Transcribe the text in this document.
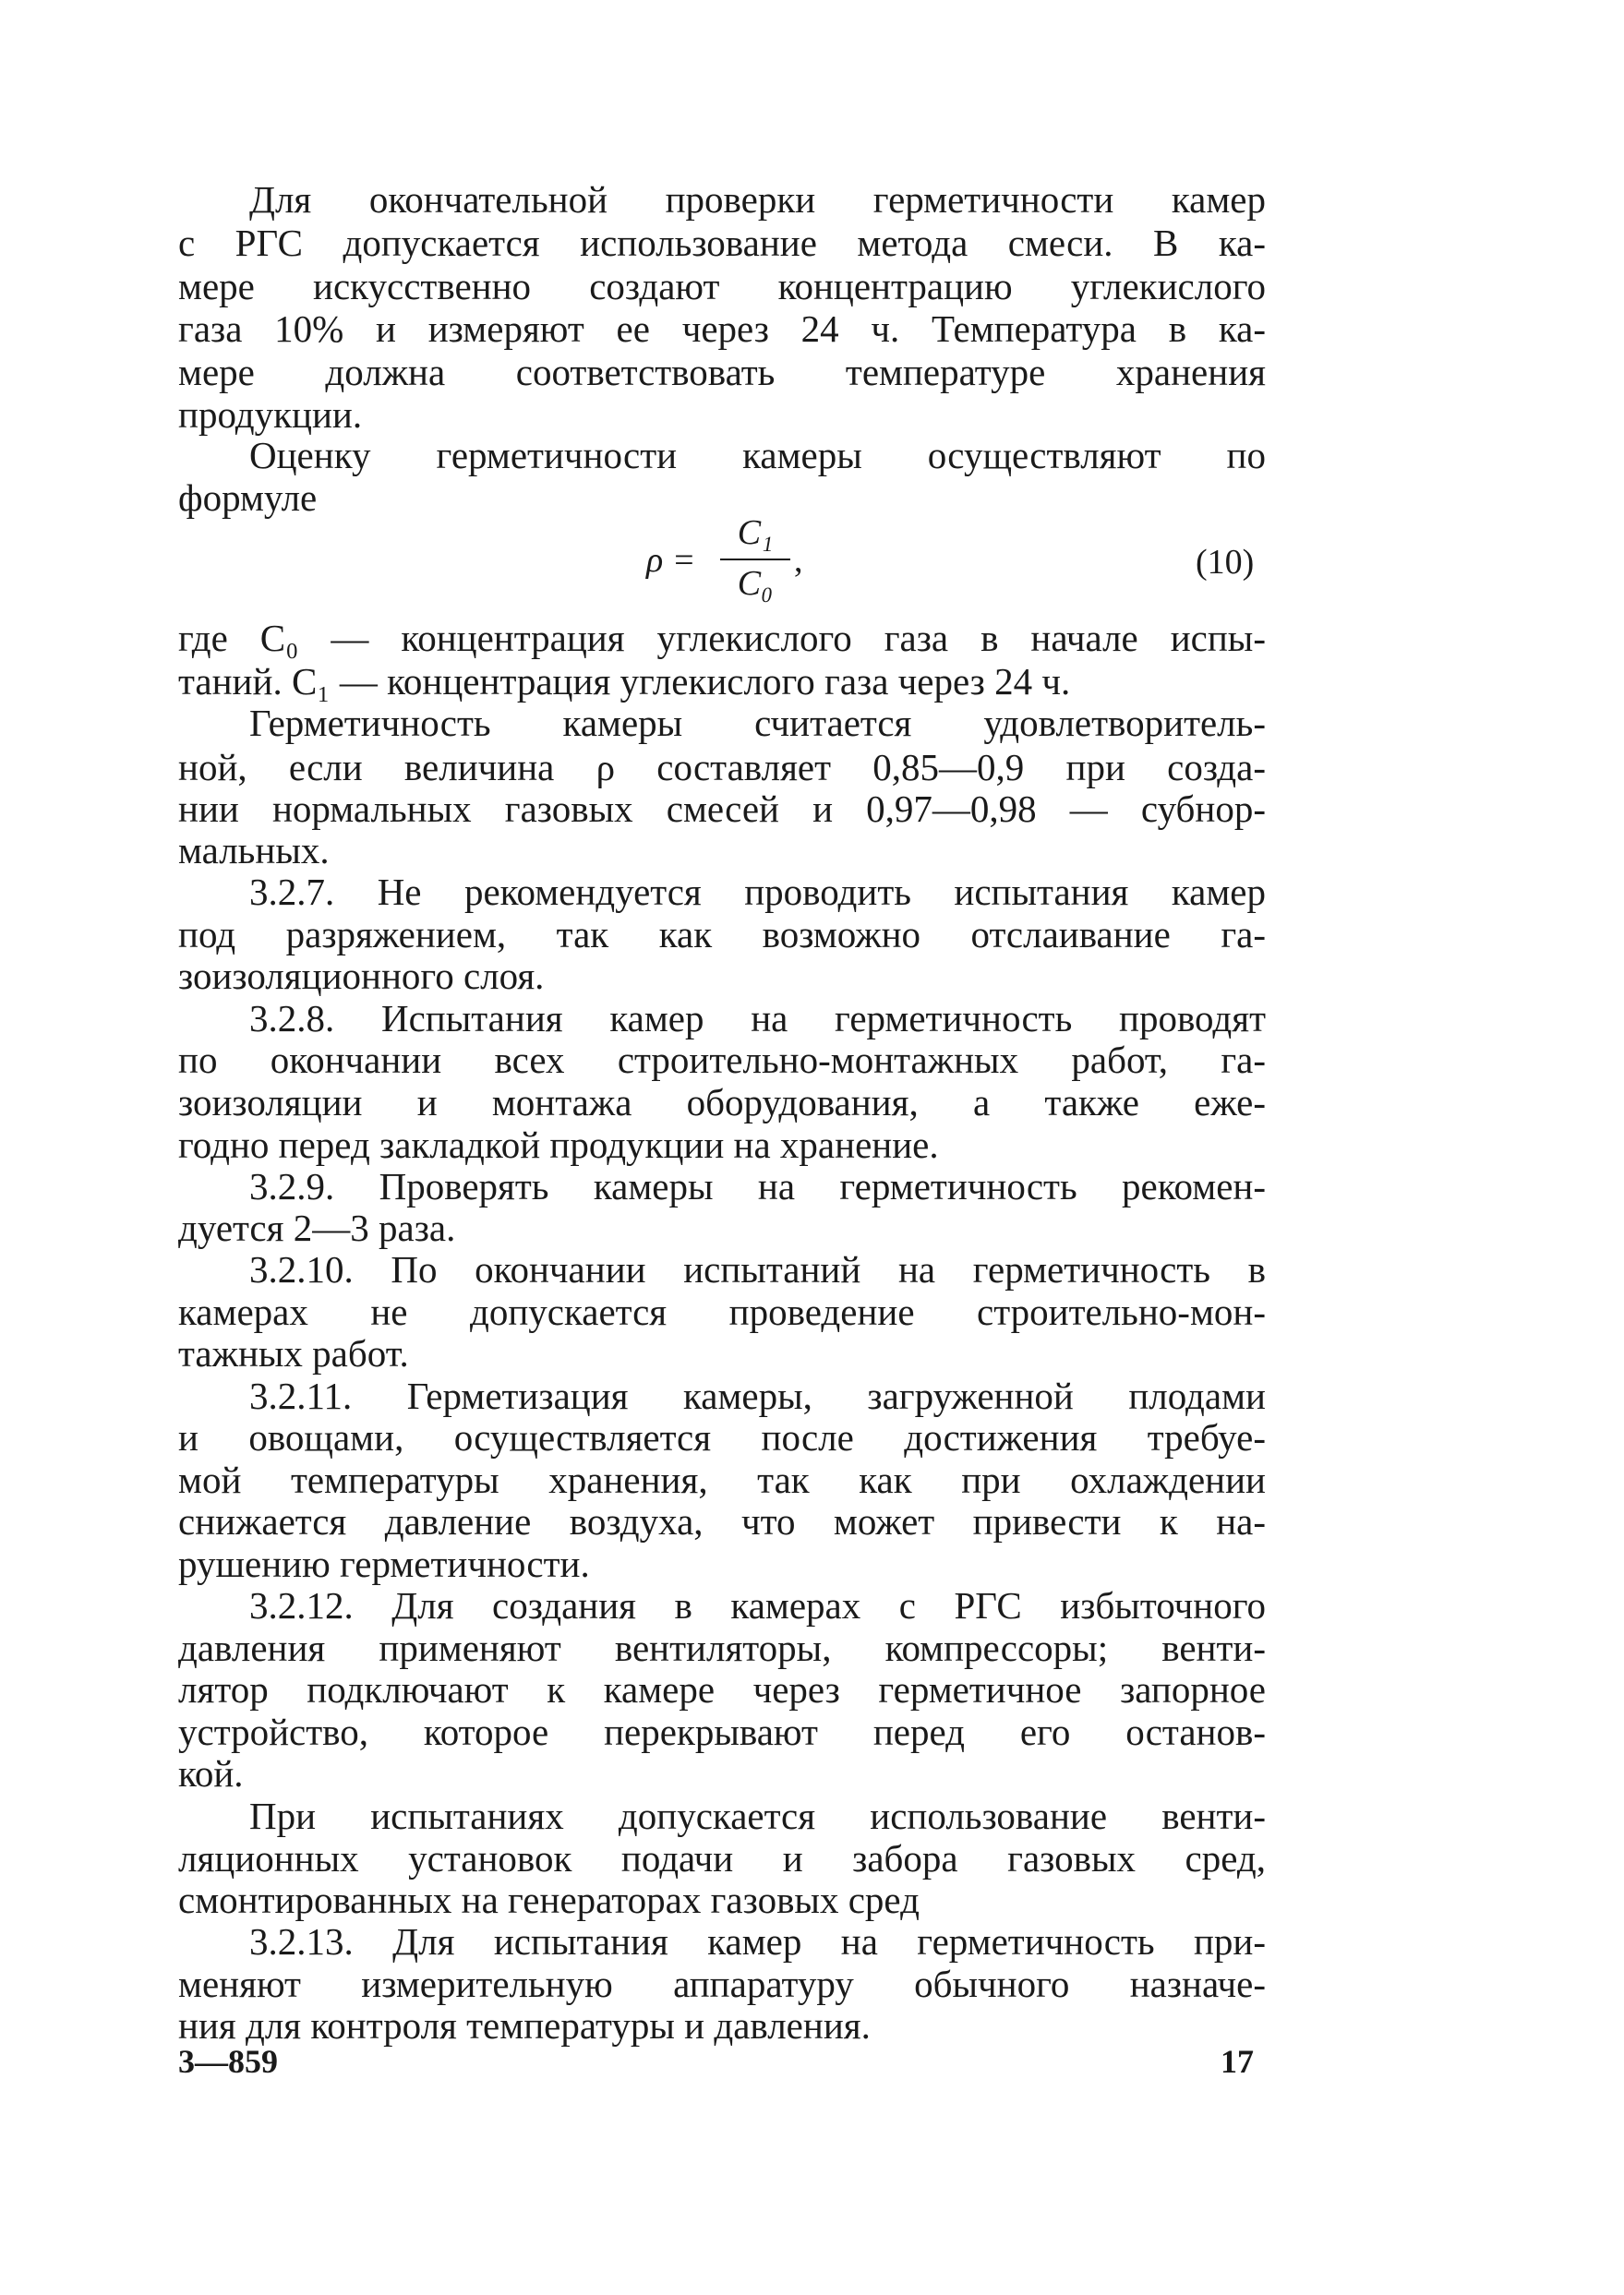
Для окончательной проверки герметичности камер
с РГС допускается использование метода смеси. В ка-
мере искусственно создают концентрацию углекислого
газа 10% и измеряют ее через 24 ч. Температура в ка-
мере должна соответствовать температуре хранения
продукции.
Оценку герметичности камеры осуществляют по
формуле
ρ =
C₁
C₀
,	(10)
где C₀ — концентрация углекислого газа в начале испы-
таний. C₁ — концентрация углекислого газа через 24 ч.
Герметичность камеры считается удовлетворитель-
ной, если величина ρ составляет 0,85—0,9 при созда-
нии нормальных газовых смесей и 0,97—0,98 — субнор-
мальных.
3.2.7. Не рекомендуется проводить испытания камер
под разряжением, так как возможно отслаивание га-
зоизоляционного слоя.
3.2.8. Испытания камер на герметичность проводят
по окончании всех строительно-монтажных работ, га-
зоизоляции и монтажа оборудования, а также еже-
годно перед закладкой продукции на хранение.
3.2.9. Проверять камеры на герметичность рекомен-
дуется 2—3 раза.
3.2.10. По окончании испытаний на герметичность в
камерах не допускается проведение строительно-мон-
тажных работ.
3.2.11. Герметизация камеры, загруженной плодами
и овощами, осуществляется после достижения требуе-
мой температуры хранения, так как при охлаждении
снижается давление воздуха, что может привести к на-
рушению герметичности.
3.2.12. Для создания в камерах с РГС избыточного
давления применяют вентиляторы, компрессоры; венти-
лятор подключают к камере через герметичное запорное
устройство, которое перекрывают перед его останов-
кой.
При испытаниях допускается использование венти-
ляционных установок подачи и забора газовых сред,
смонтированных на генераторах газовых сред
3.2.13. Для испытания камер на герметичность при-
меняют измерительную аппаратуру обычного назначе-
ния для контроля температуры и давления.
3—859	17
